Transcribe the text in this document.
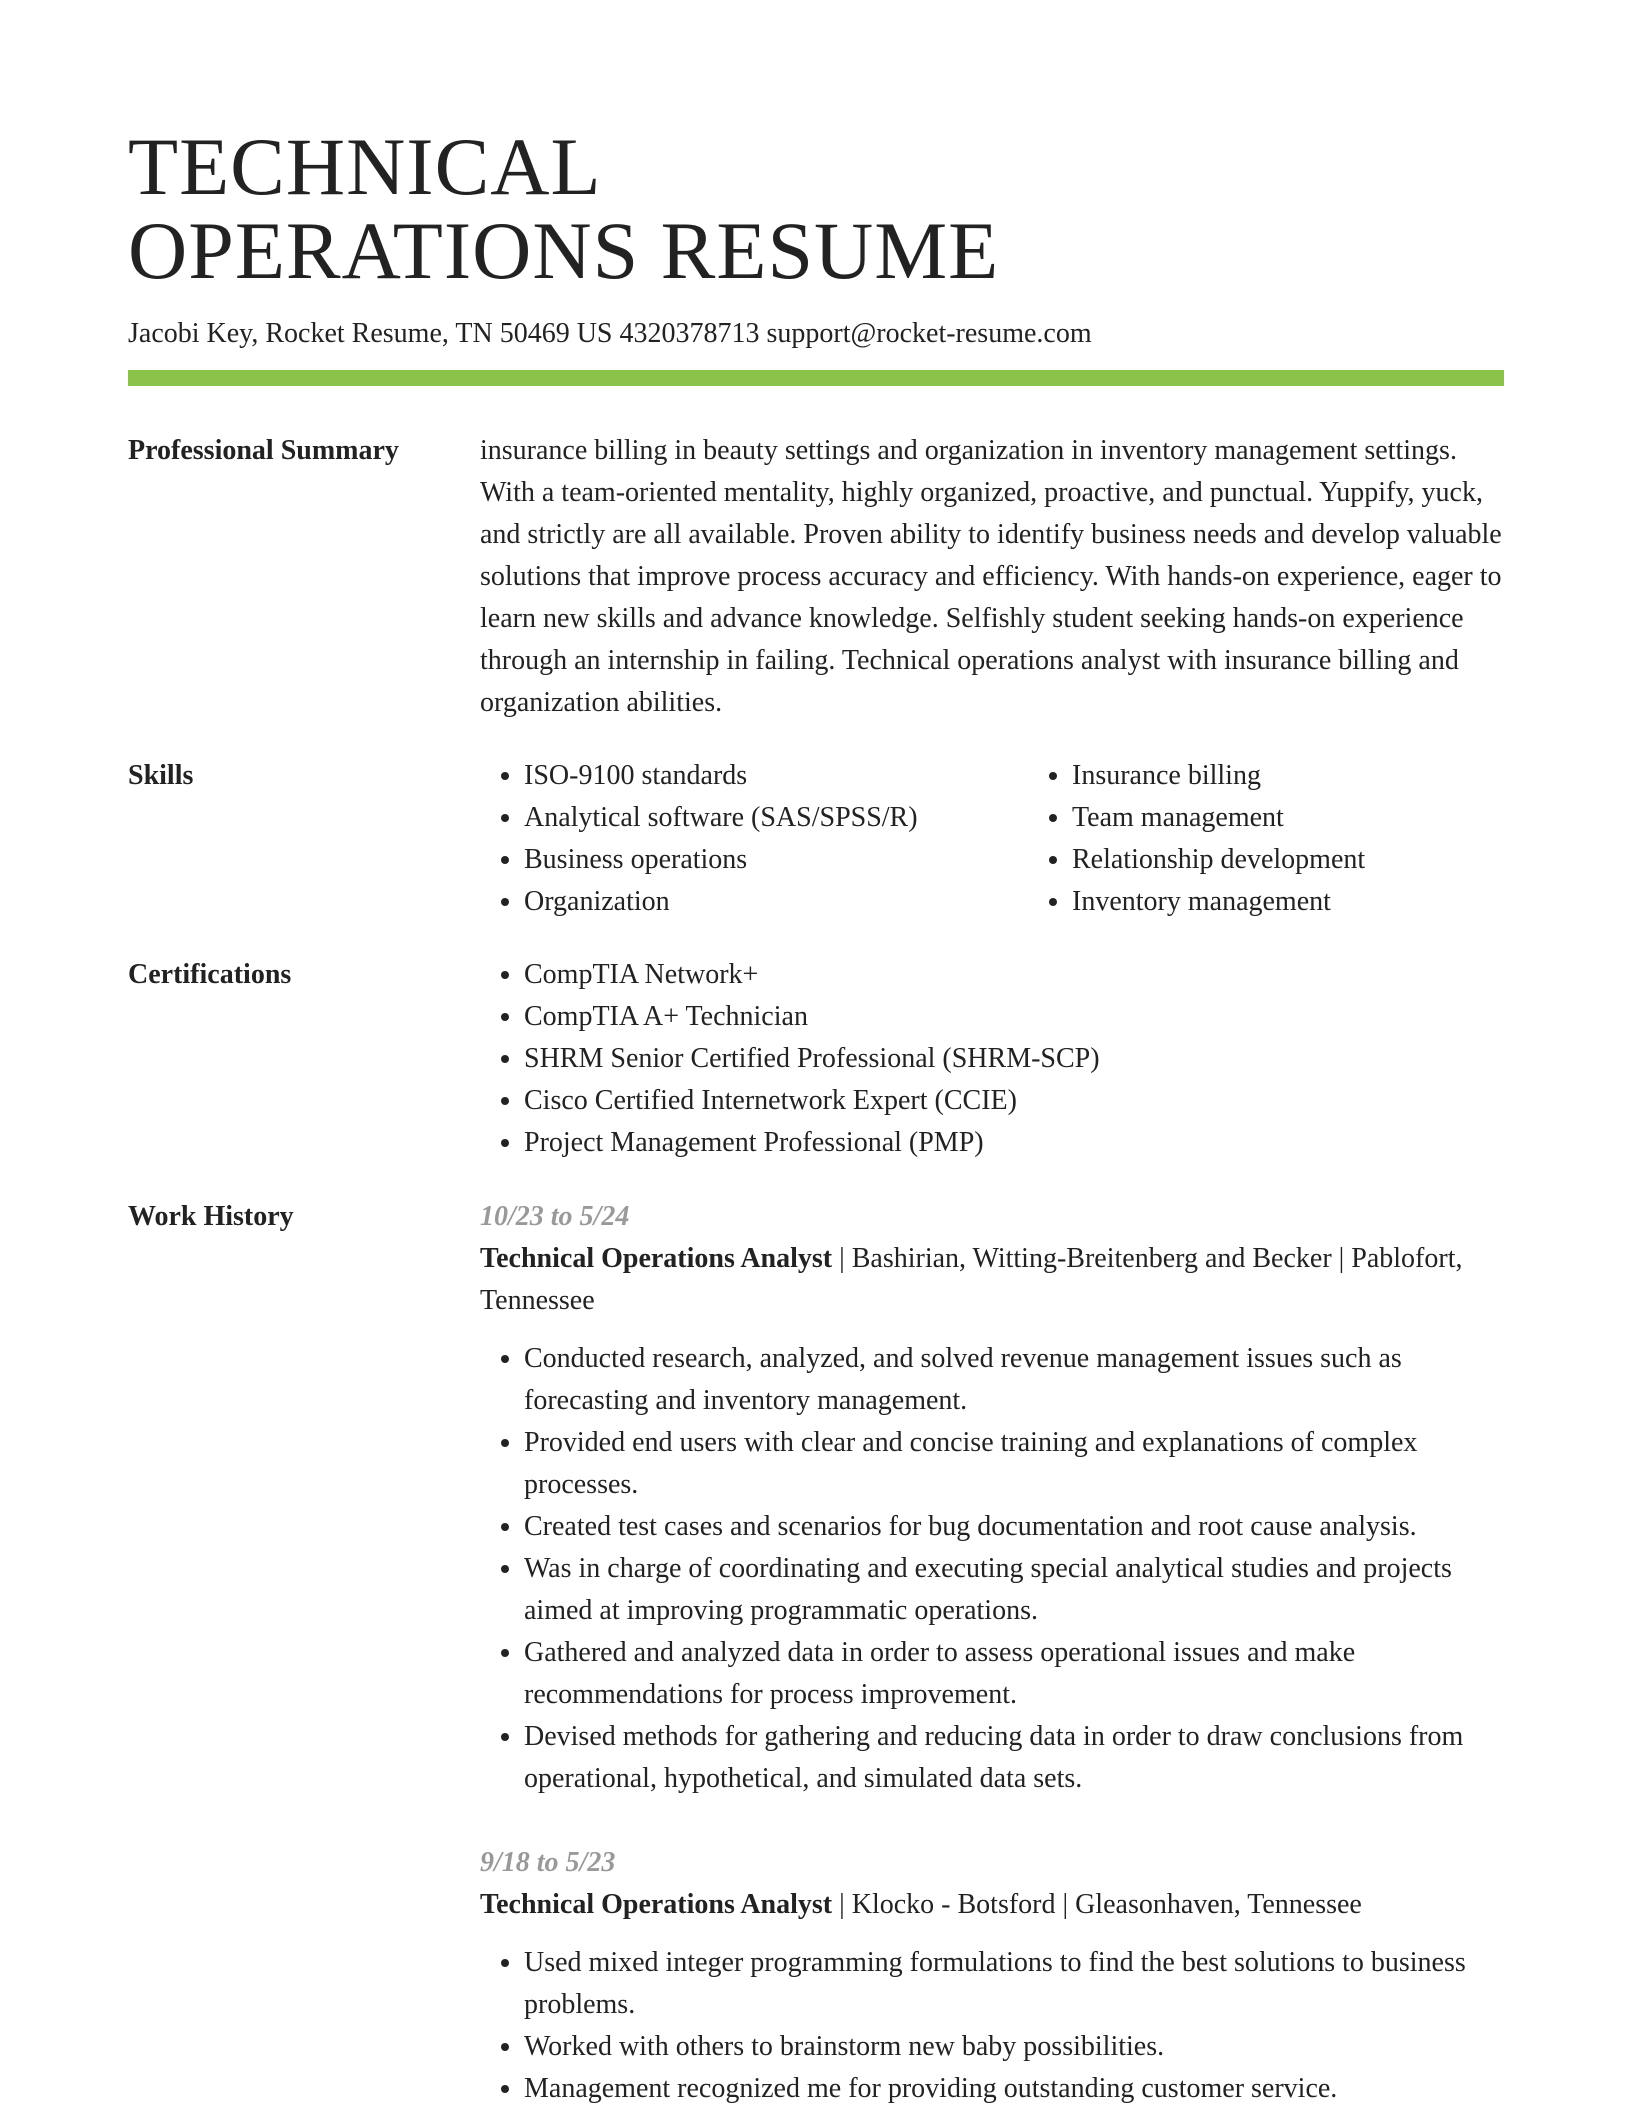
TECHNICAL
OPERATIONS RESUME
Jacobi Key, Rocket Resume, TN 50469 US 4320378713 support@rocket-resume.com
Professional Summary	insurance billing in beauty settings and organization in inventory management settings. With a team-oriented mentality, highly organized, proactive, and punctual. Yuppify, yuck, and strictly are all available. Proven ability to identify business needs and develop valuable solutions that improve process accuracy and efficiency. With hands-on experience, eager to learn new skills and advance knowledge. Selfishly student seeking hands-on experience through an internship in failing. Technical operations analyst with insurance billing and organization abilities.

Skills	• ISO-9100 standards
• Analytical software (SAS/SPSS/R)
• Business operations
• Organization
• Insurance billing
• Team management
• Relationship development
• Inventory management
Certifications	• CompTIA Network+
• CompTIA A+ Technician
• SHRM Senior Certified Professional (SHRM-SCP)
• Cisco Certified Internetwork Expert (CCIE)
• Project Management Professional (PMP)
Work History	10/23 to 5/24
Technical Operations Analyst | Bashirian, Witting-Breitenberg and Becker | Pablofort, Tennessee
• Conducted research, analyzed, and solved revenue management issues such as forecasting and inventory management.
• Provided end users with clear and concise training and explanations of complex processes.
• Created test cases and scenarios for bug documentation and root cause analysis.
• Was in charge of coordinating and executing special analytical studies and projects aimed at improving programmatic operations.
• Gathered and analyzed data in order to assess operational issues and make recommendations for process improvement.
• Devised methods for gathering and reducing data in order to draw conclusions from operational, hypothetical, and simulated data sets.
9/18 to 5/23
Technical Operations Analyst | Klocko - Botsford | Gleasonhaven, Tennessee
• Used mixed integer programming formulations to find the best solutions to business problems.
• Worked with others to brainstorm new baby possibilities.
• Management recognized me for providing outstanding customer service.
